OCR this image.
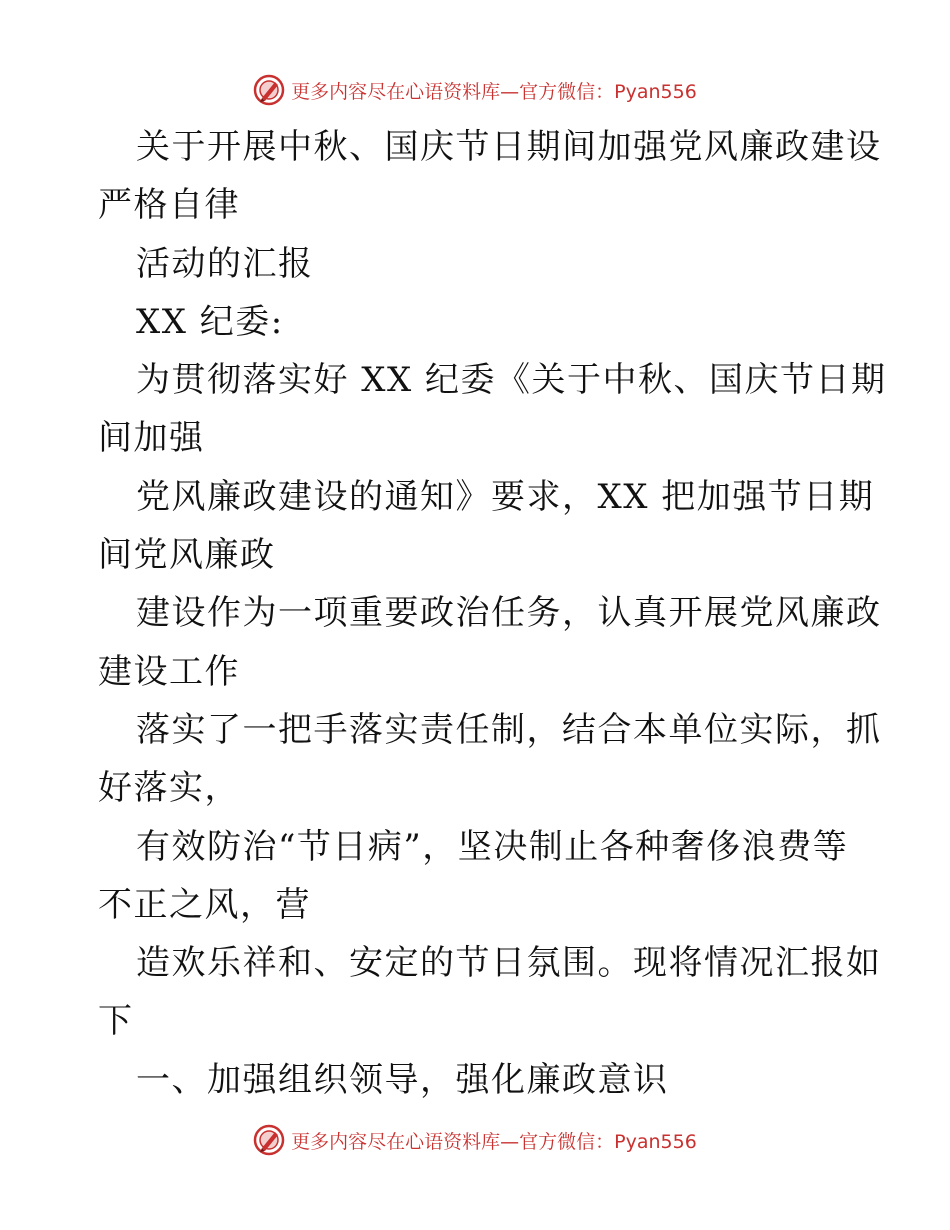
更多内容尽在心语资料库—官方微信：Pyan556
关于开展中秋、国庆节日期间加强党风廉政建设
严格自律
活动的汇报
XX 纪委:
为贯彻落实好 XX 纪委《关于中秋、国庆节日期
间加强
党风廉政建设的通知》要求，XX 把加强节日期
间党风廉政
建设作为一项重要政治任务，认真开展党风廉政
建设工作
落实了一把手落实责任制，结合本单位实际，抓
好落实，
有效防治“节日病”，坚决制止各种奢侈浪费等
不正之风，营
造欢乐祥和、安定的节日氛围。现将情况汇报如
下
一、加强组织领导，强化廉政意识
更多内容尽在心语资料库—官方微信：Pyan556
